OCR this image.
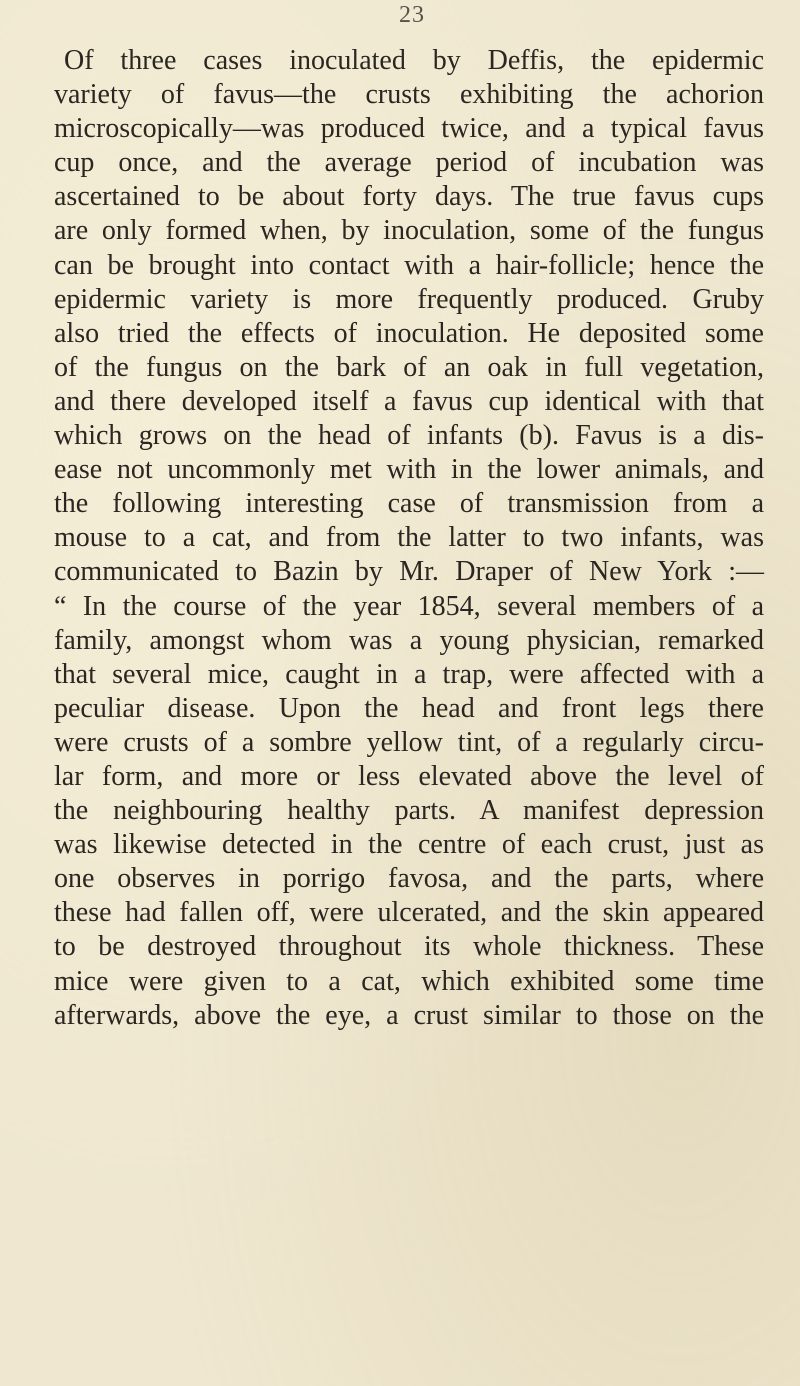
23
Of three cases inoculated by Deffis, the epidermic
variety of favus—the crusts exhibiting the achorion
microscopically—was produced twice, and a typical favus
cup once, and the average period of incubation was
ascertained to be about forty days. The true favus cups
are only formed when, by inoculation, some of the fungus
can be brought into contact with a hair-follicle; hence the
epidermic variety is more frequently produced. Gruby
also tried the effects of inoculation. He deposited some
of the fungus on the bark of an oak in full vegetation,
and there developed itself a favus cup identical with that
which grows on the head of infants (b). Favus is a dis-
ease not uncommonly met with in the lower animals, and
the following interesting case of transmission from a
mouse to a cat, and from the latter to two infants, was
communicated to Bazin by Mr. Draper of New York :—
“ In the course of the year 1854, several members of a
family, amongst whom was a young physician, remarked
that several mice, caught in a trap, were affected with a
peculiar disease. Upon the head and front legs there
were crusts of a sombre yellow tint, of a regularly circu-
lar form, and more or less elevated above the level of
the neighbouring healthy parts. A manifest depression
was likewise detected in the centre of each crust, just as
one observes in porrigo favosa, and the parts, where
these had fallen off, were ulcerated, and the skin appeared
to be destroyed throughout its whole thickness. These
mice were given to a cat, which exhibited some time
afterwards, above the eye, a crust similar to those on the
